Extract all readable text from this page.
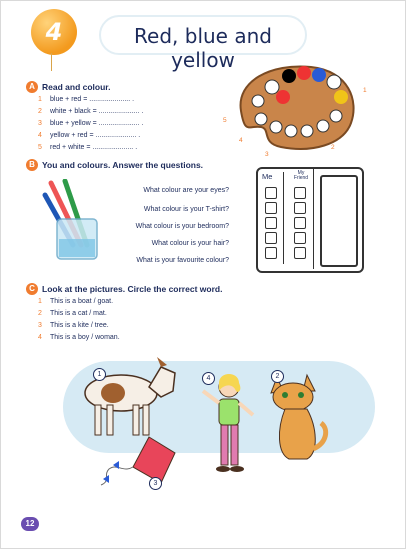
4	Red, blue and yellow
A Read and colour.
1 blue + red = ..................... .
2 white + black = ..................... .
3 blue + yellow = ..................... .
4 yellow + red = ..................... .
5 red + white = ..................... .
1
2
3
4
5
B You and colours. Answer the questions.
What colour are your eyes?
What colour is your T-shirt?
What colour is your bedroom?
What colour is your hair?
What is your favourite colour?
Me	My Friend
C Look at the pictures. Circle the correct word.
1 This is a boat / goat.
2 This is a cat / mat.
3 This is a kite / tree.
4 This is a boy / woman.
1	2
3
4
12
